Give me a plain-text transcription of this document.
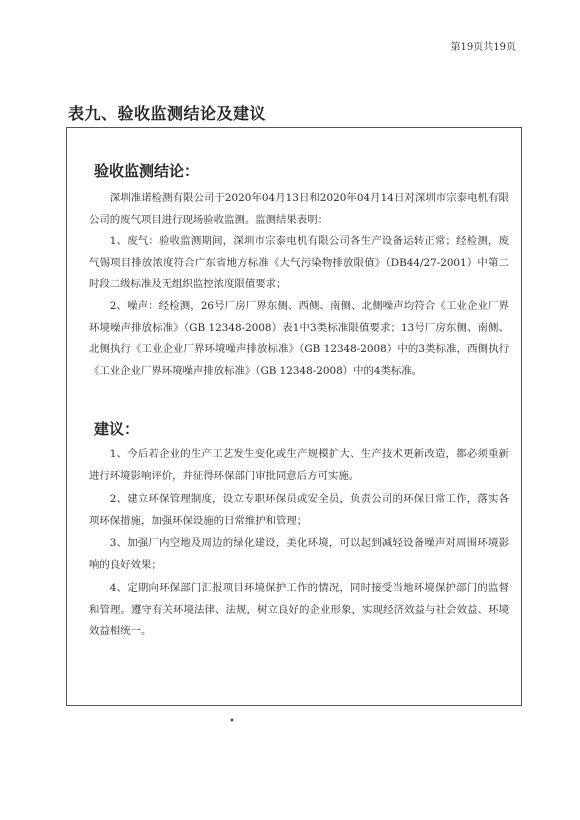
第19页共19页
表九、验收监测结论及建议
验收监测结论：

深圳准诺检测有限公司于2020年04月13日和2020年04月14日对深圳市宗泰电机有限公司的废气项目进行现场验收监测。监测结果表明：

1、废气：验收监测期间，深圳市宗泰电机有限公司各生产设备运转正常；经检测，废气锡项目排放浓度符合广东省地方标准《大气污染物排放限值》（DB44/27-2001）中第二时段二级标准及无组织监控浓度限值要求；

2、噪声：经检测，26号厂房厂界东侧、西侧、南侧、北侧噪声均符合《工业企业厂界环境噪声排放标准》（GB 12348-2008）表1中3类标准限值要求；13号厂房东侧、南侧、北侧执行《工业企业厂界环境噪声排放标准》（GB 12348-2008）中的3类标准，西侧执行《工业企业厂界环境噪声排放标准》（GB 12348-2008）中的4类标准。

建议：

1、今后若企业的生产工艺发生变化或生产规模扩大、生产技术更新改造，都必须重新进行环境影响评价，并征得环保部门审批同意后方可实施。

2、建立环保管理制度，设立专职环保员或安全员，负责公司的环保日常工作，落实各项环保措施，加强环保设施的日常维护和管理；

3、加强厂内空地及周边的绿化建设，美化环境，可以起到减轻设备噪声对周围环境影响的良好效果；

4、定期向环保部门汇报项目环境保护工作的情况，同时接受当地环境保护部门的监督和管理。遵守有关环境法律、法规，树立良好的企业形象，实现经济效益与社会效益、环境效益相统一。

•
